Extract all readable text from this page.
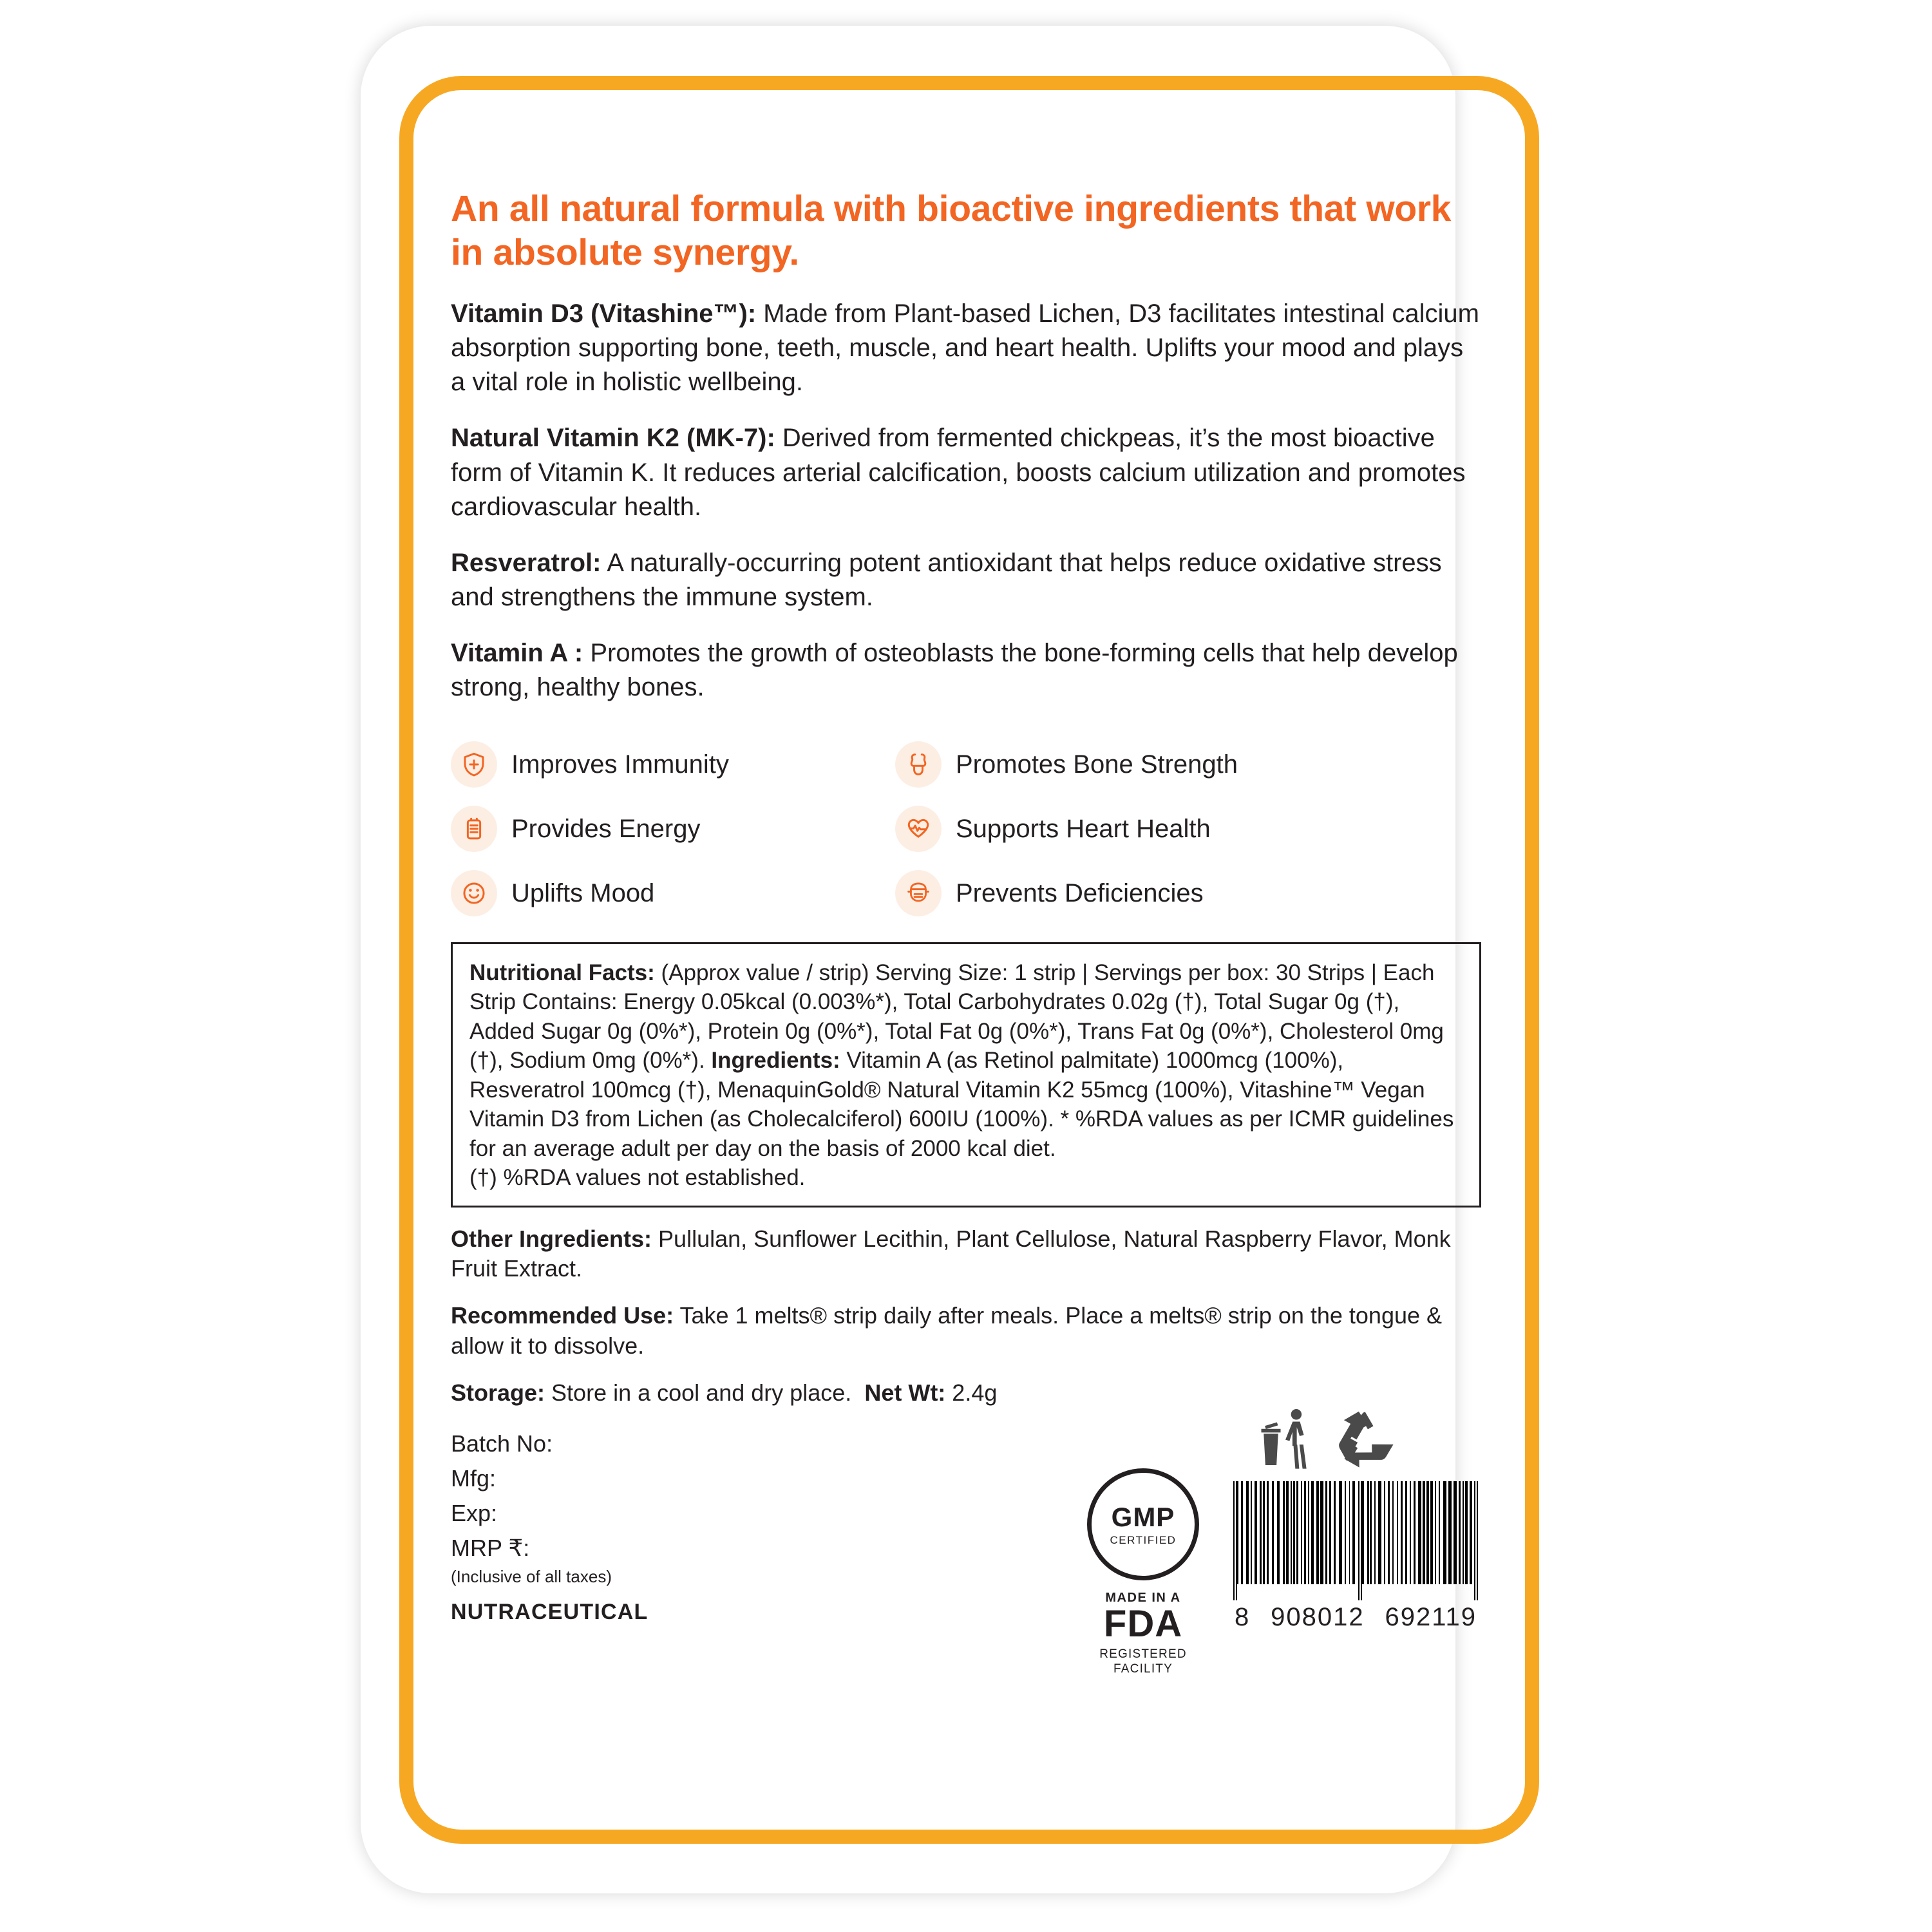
An all natural formula with bioactive ingredients that work in absolute synergy.

Vitamin D3 (Vitashine™): Made from Plant-based Lichen, D3 facilitates intestinal calcium absorption supporting bone, teeth, muscle, and heart health. Uplifts your mood and plays a vital role in holistic wellbeing.

Natural Vitamin K2 (MK-7): Derived from fermented chickpeas, it’s the most bioactive form of Vitamin K. It reduces arterial calcification, boosts calcium utilization and promotes cardiovascular health.

Resveratrol: A naturally-occurring potent antioxidant that helps reduce oxidative stress and strengthens the immune system.

Vitamin A : Promotes the growth of osteoblasts the bone-forming cells that help develop strong, healthy bones.

Improves Immunity	Promotes Bone Strength
Provides Energy	Supports Heart Health
Uplifts Mood	Prevents Deficiencies

Nutritional Facts: (Approx value / strip) Serving Size: 1 strip | Servings per box: 30 Strips | Each Strip Contains: Energy 0.05kcal (0.003%*), Total Carbohydrates 0.02g (†), Total Sugar 0g (†), Added Sugar 0g (0%*), Protein 0g (0%*), Total Fat 0g (0%*), Trans Fat 0g (0%*), Cholesterol 0mg (†), Sodium 0mg (0%*). Ingredients: Vitamin A (as Retinol palmitate) 1000mcg (100%), Resveratrol 100mcg (†), MenaquinGold® Natural Vitamin K2 55mcg (100%), Vitashine™ Vegan Vitamin D3 from Lichen (as Cholecalciferol) 600IU (100%). * %RDA values as per ICMR guidelines for an average adult per day on the basis of 2000 kcal diet.

(†) %RDA values not established.

Other Ingredients: Pullulan, Sunflower Lecithin, Plant Cellulose, Natural Raspberry Flavor, Monk Fruit Extract.

Recommended Use: Take 1 melts® strip daily after meals. Place a melts® strip on the tongue & allow it to dissolve.

Storage: Store in a cool and dry place. Net Wt: 2.4g

Batch No:
Mfg:
Exp:
MRP ₹:
(Inclusive of all taxes)
NUTRACEUTICAL
GMP
CERTIFIED
MADE IN A
FDA
REGISTERED
FACILITY
8 908012 692119
